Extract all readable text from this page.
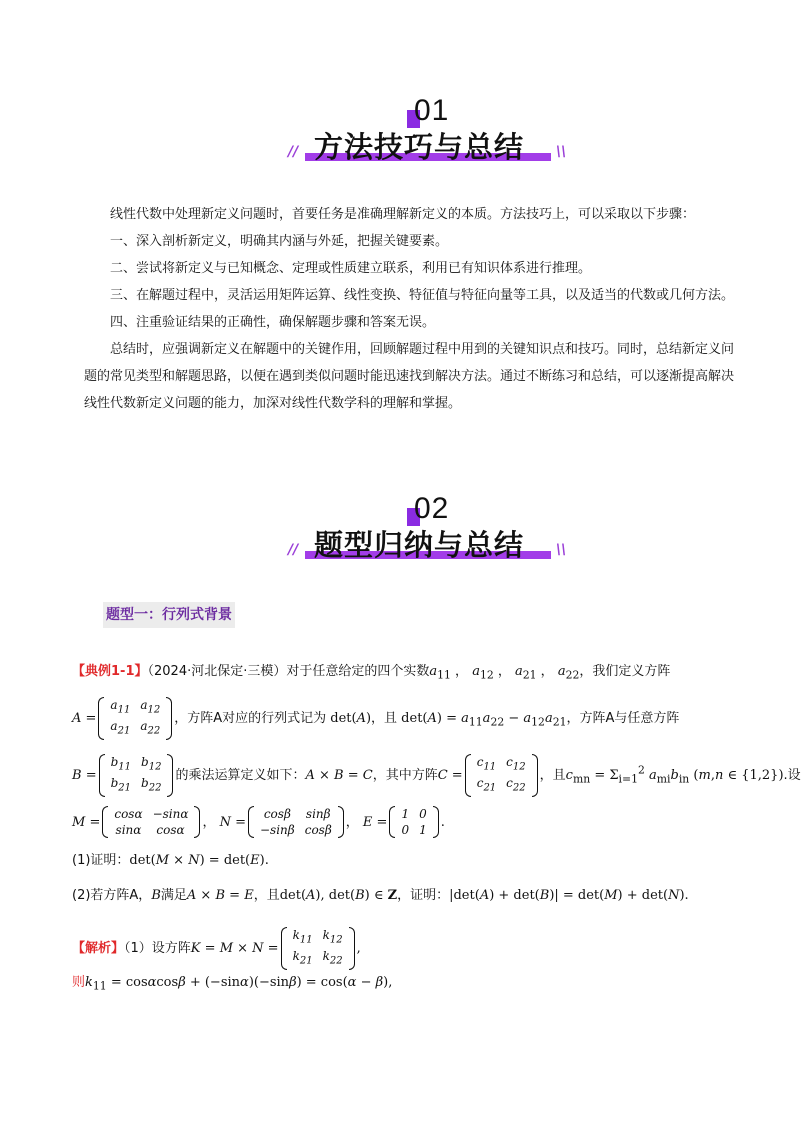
01
//	\\
方法技巧与总结

线性代数中处理新定义问题时，首要任务是准确理解新定义的本质。方法技巧上，可以采取以下步骤：

一、深入剖析新定义，明确其内涵与外延，把握关键要素。

二、尝试将新定义与已知概念、定理或性质建立联系，利用已有知识体系进行推理。

三、在解题过程中，灵活运用矩阵运算、线性变换、特征值与特征向量等工具，以及适当的代数或几何方法。

四、注重验证结果的正确性，确保解题步骤和答案无误。

总结时，应强调新定义在解题中的关键作用，回顾解题过程中用到的关键知识点和技巧。同时，总结新定义问题的常见类型和解题思路，以便在遇到类似问题时能迅速找到解决方法。通过不断练习和总结，可以逐渐提高解决线性代数新定义问题的能力，加深对线性代数学科的理解和掌握。

02
//	\\
题型归纳与总结
题型一：行列式背景
【典例1-1】（2024·河北保定·三模）对于任意给定的四个实数$a_{11}$ ， $a_{12}$ ， $a_{21}$ ， $a_{22}$，我们定义方阵
A =
$a_{11}$	$a_{12}$
$a_{21}$	$a_{22}$
，方阵A对应的行列式记为 det(A)，且 $\det(A) = a_{11}a_{22} - a_{12}a_{21}$，方阵A与任意方阵
B =
$b_{11}$	$b_{12}$
$b_{21}$	$b_{22}$
的乘法运算定义如下：A × B = C，其中方阵C =
$c_{11}$	$c_{12}$
$c_{21}$	$c_{22}$
，且$c_{mn} = \Sigma_{i=1}^2$ $a_{mi}b_{in}$ (m,n ∈ {1,2}).设
M =
cosα	−sinα
sinα	cosα
， N =
cosβ	sinβ
−sinβ	cosβ
， E =
1	0
0	1
.
(1)证明：det(M × N) = det(E).
(2)若方阵A，B满足A × B = E，且det(A), det(B) ∈ Z，证明：|det(A) + det(B)| = det(M) + det(N).
【解析】（1）设方阵K = M × N =
$k_{11}$	$k_{12}$
$k_{21}$	$k_{22}$
,
则$k_{11} = \cos\alpha\cos\beta + (-\sin\alpha)(-\sin\beta) = \cos(\alpha - \beta)$,
